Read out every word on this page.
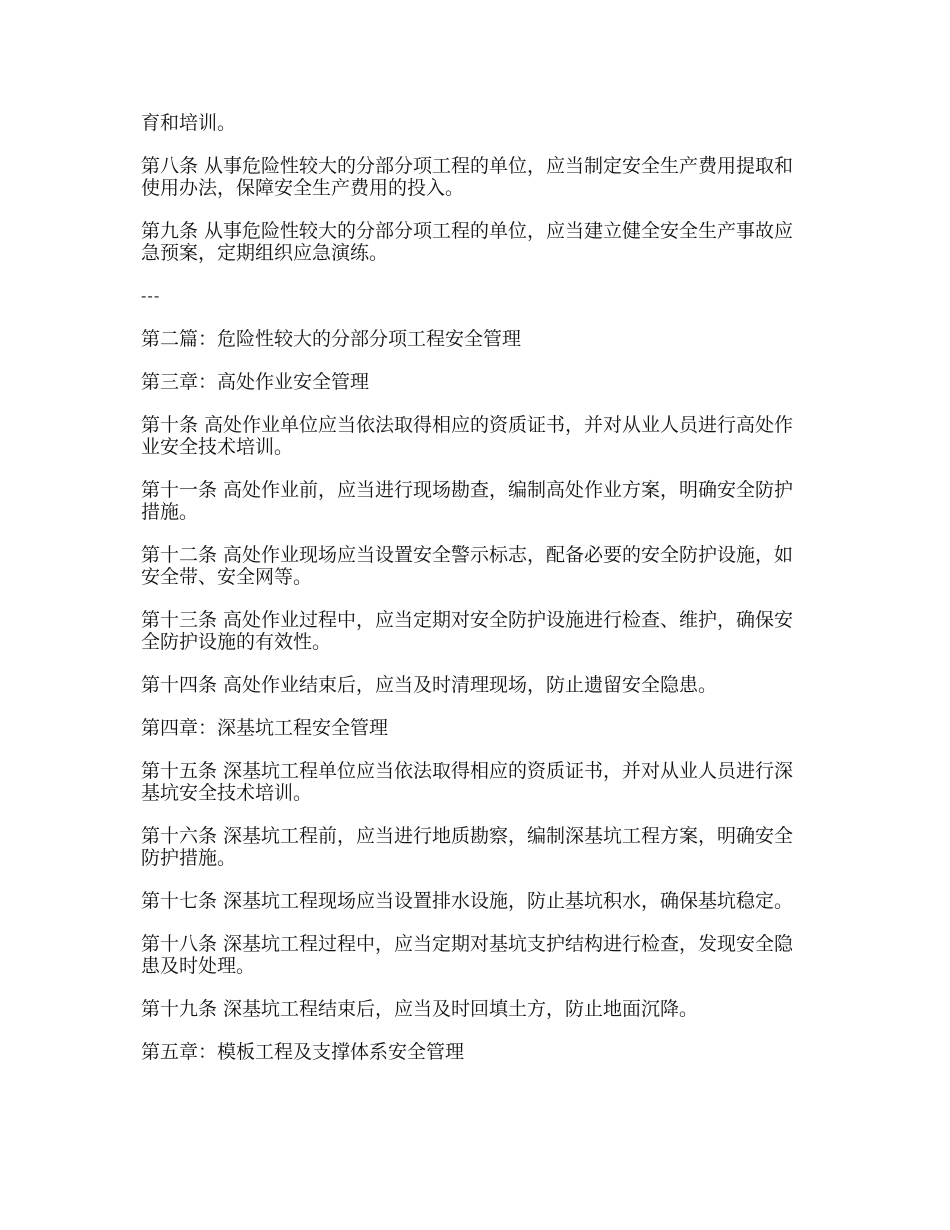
育和培训。

第八条 从事危险性较大的分部分项工程的单位，应当制定安全生产费用提取和使用办法，保障安全生产费用的投入。

第九条 从事危险性较大的分部分项工程的单位，应当建立健全安全生产事故应急预案，定期组织应急演练。

---

第二篇：危险性较大的分部分项工程安全管理

第三章：高处作业安全管理

第十条 高处作业单位应当依法取得相应的资质证书，并对从业人员进行高处作业安全技术培训。

第十一条 高处作业前，应当进行现场勘查，编制高处作业方案，明确安全防护措施。

第十二条 高处作业现场应当设置安全警示标志，配备必要的安全防护设施，如安全带、安全网等。

第十三条 高处作业过程中，应当定期对安全防护设施进行检查、维护，确保安全防护设施的有效性。

第十四条 高处作业结束后，应当及时清理现场，防止遗留安全隐患。

第四章：深基坑工程安全管理

第十五条 深基坑工程单位应当依法取得相应的资质证书，并对从业人员进行深基坑安全技术培训。

第十六条 深基坑工程前，应当进行地质勘察，编制深基坑工程方案，明确安全防护措施。

第十七条 深基坑工程现场应当设置排水设施，防止基坑积水，确保基坑稳定。

第十八条 深基坑工程过程中，应当定期对基坑支护结构进行检查，发现安全隐患及时处理。

第十九条 深基坑工程结束后，应当及时回填土方，防止地面沉降。

第五章：模板工程及支撑体系安全管理
